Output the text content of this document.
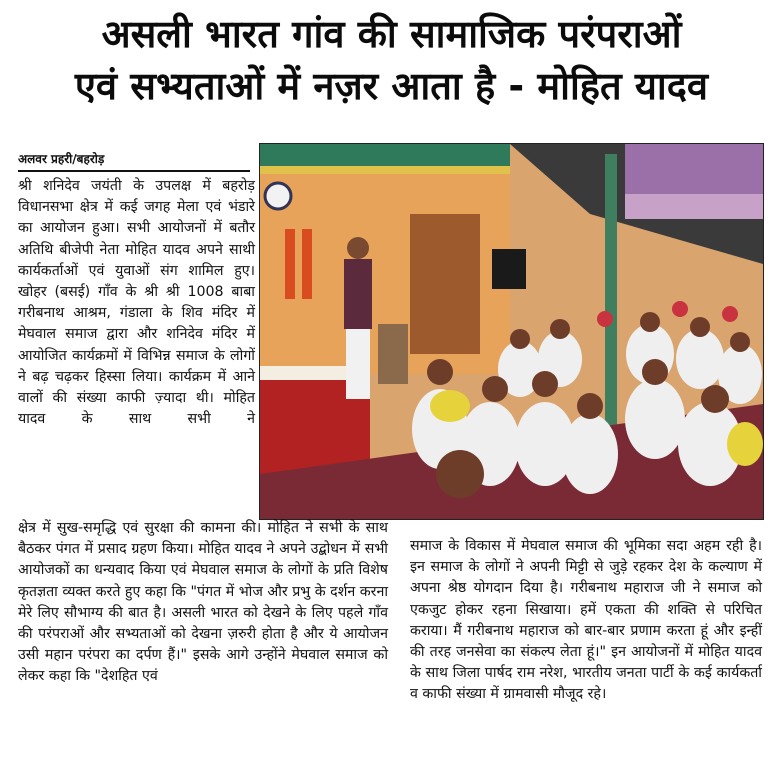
असली भारत गांव की सामाजिक परंपराओं
एवं सभ्यताओं में नज़र आता है - मोहित यादव
अलवर प्रहरी/बहरोड़

श्री शनिदेव जयंती के उपलक्ष में बहरोड़ विधानसभा क्षेत्र में कई जगह मेला एवं भंडारे का आयोजन हुआ। सभी आयोजनों में बतौर अतिथि बीजेपी नेता मोहित यादव अपने साथी कार्यकर्ताओं एवं युवाओं संग शामिल हुए। खोहर (बसई) गाँव के श्री श्री 1008 बाबा गरीबनाथ आश्रम, गंडाला के शिव मंदिर में मेघवाल समाज द्वारा और शनिदेव मंदिर में आयोजित कार्यक्रमों में विभिन्न समाज के लोगों ने बढ़ चढ़कर हिस्सा लिया। कार्यक्रम में आने वालों की संख्या काफी ज़्यादा थी। मोहित यादव के साथ सभी ने

क्षेत्र में सुख-समृद्धि एवं सुरक्षा की कामना की। मोहित ने सभी के साथ बैठकर पंगत में प्रसाद ग्रहण किया। मोहित यादव ने अपने उद्बोधन में सभी आयोजकों का धन्यवाद किया एवं मेघवाल समाज के लोगों के प्रति विशेष कृतज्ञता व्यक्त करते हुए कहा कि "पंगत में भोज और प्रभु के दर्शन करना मेरे लिए सौभाग्य की बात है। असली भारत को देखने के लिए पहले गाँव की परंपराओं और सभ्यताओं को देखना ज़रुरी होता है और ये आयोजन उसी महान परंपरा का दर्पण हैं।" इसके आगे उन्होंने मेघवाल समाज को लेकर कहा कि "देशहित एवं

समाज के विकास में मेघवाल समाज की भूमिका सदा अहम रही है। इन समाज के लोगों ने अपनी मिट्टी से जुड़े रहकर देश के कल्याण में अपना श्रेष्ठ योगदान दिया है। गरीबनाथ महाराज जी ने समाज को एकजुट होकर रहना सिखाया। हमें एकता की शक्ति से परिचित कराया। मैं गरीबनाथ महाराज को बार-बार प्रणाम करता हूं और इन्हीं की तरह जनसेवा का संकल्प लेता हूं।" इन आयोजनों में मोहित यादव के साथ जिला पार्षद राम नरेश, भारतीय जनता पार्टी के कई कार्यकर्ता व काफी संख्या में ग्रामवासी मौजूद रहे।
